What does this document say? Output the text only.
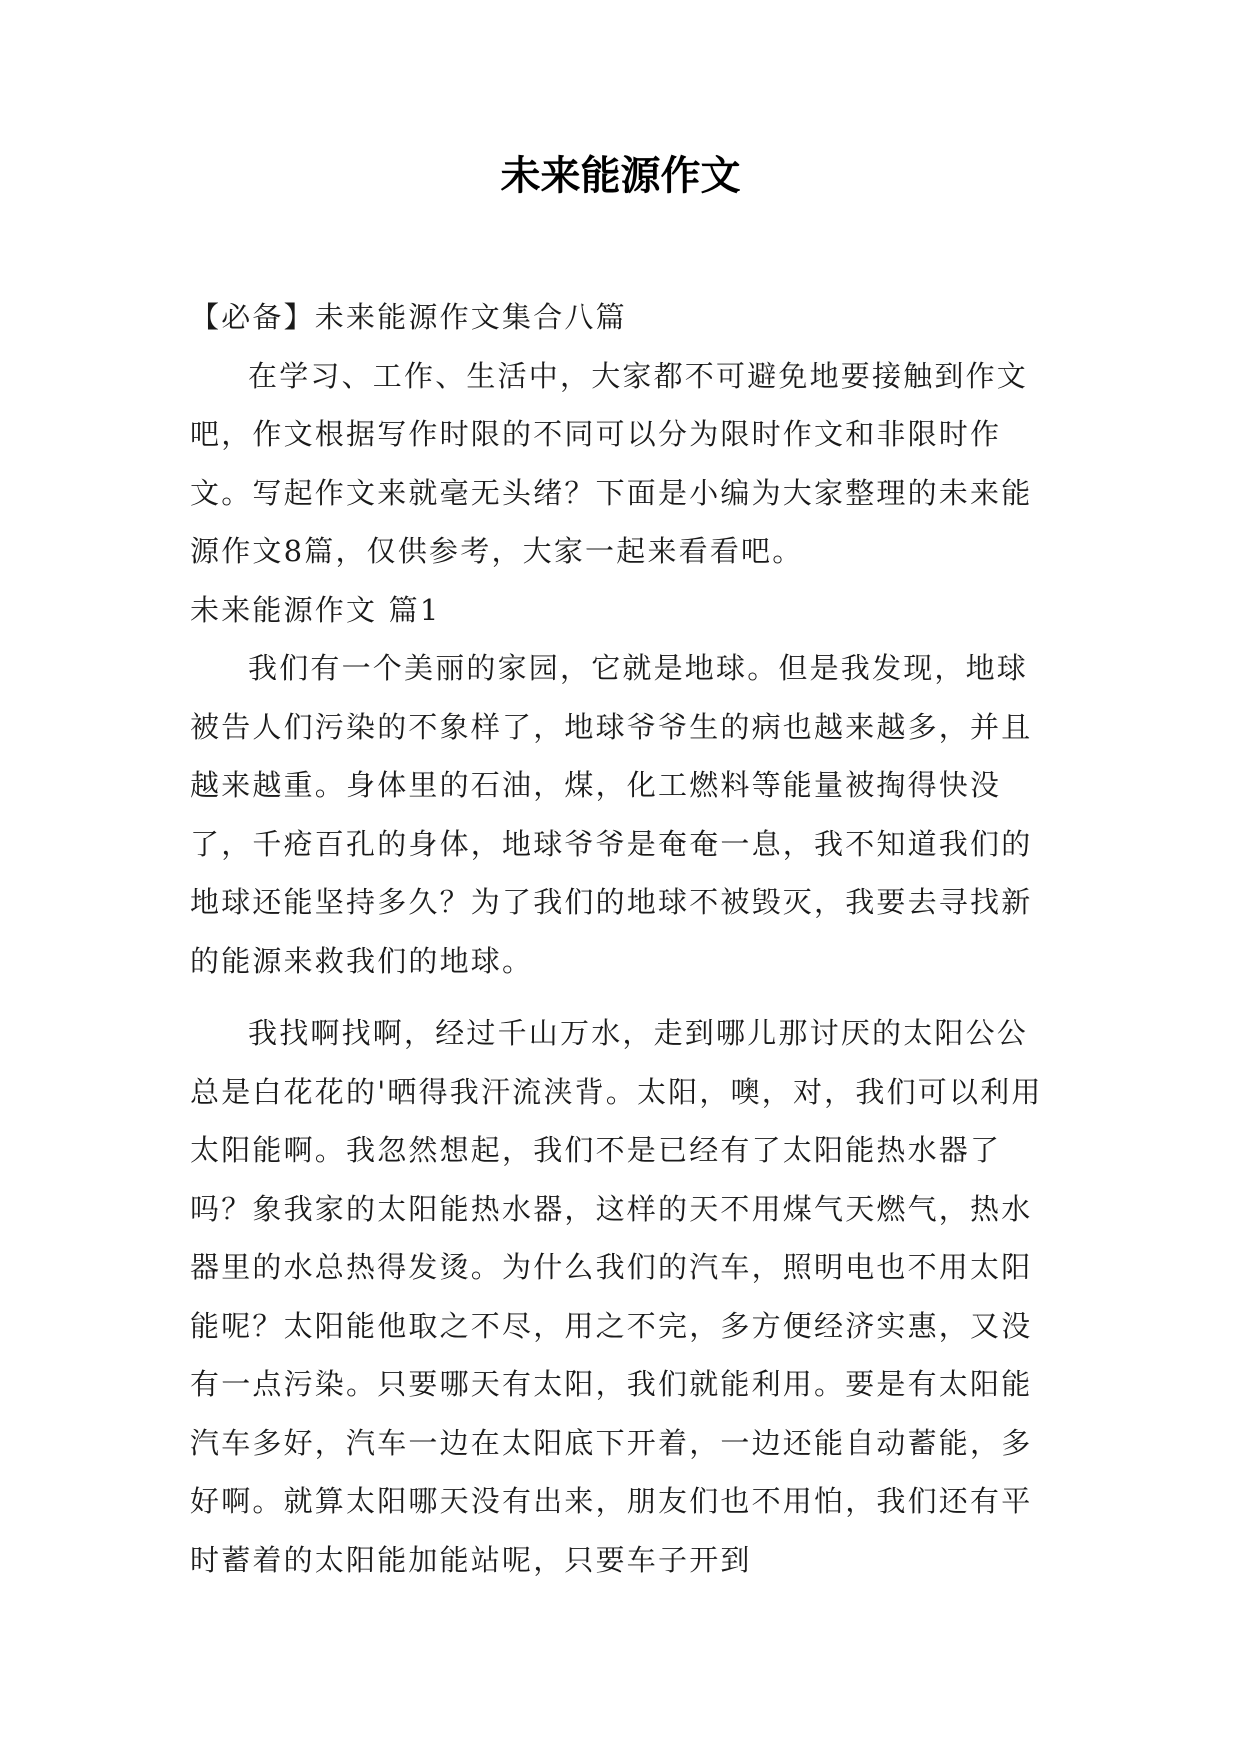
未来能源作文

【必备】未来能源作文集合八篇

在学习、工作、生活中，大家都不可避免地要接触到作文吧，作文根据写作时限的不同可以分为限时作文和非限时作文。写起作文来就毫无头绪？下面是小编为大家整理的未来能源作文8篇，仅供参考，大家一起来看看吧。

未来能源作文 篇1

我们有一个美丽的家园，它就是地球。但是我发现，地球被告人们污染的不象样了，地球爷爷生的病也越来越多，并且越来越重。身体里的石油，煤，化工燃料等能量被掏得快没了，千疮百孔的身体，地球爷爷是奄奄一息，我不知道我们的地球还能坚持多久？为了我们的地球不被毁灭，我要去寻找新的能源来救我们的地球。

我找啊找啊，经过千山万水，走到哪儿那讨厌的太阳公公总是白花花的'晒得我汗流浃背。太阳，噢，对，我们可以利用太阳能啊。我忽然想起，我们不是已经有了太阳能热水器了吗？象我家的太阳能热水器，这样的天不用煤气天燃气，热水器里的水总热得发烫。为什么我们的汽车，照明电也不用太阳能呢？太阳能他取之不尽，用之不完，多方便经济实惠，又没有一点污染。只要哪天有太阳，我们就能利用。要是有太阳能汽车多好，汽车一边在太阳底下开着，一边还能自动蓄能，多好啊。就算太阳哪天没有出来，朋友们也不用怕，我们还有平时蓄着的太阳能加能站呢，只要车子开到
